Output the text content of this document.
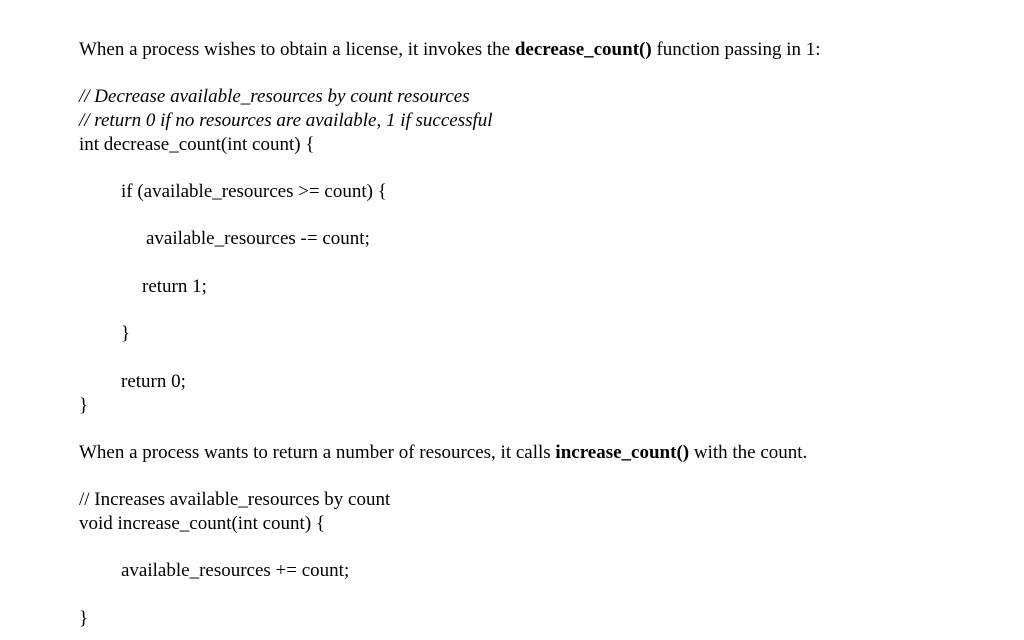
When a process wishes to obtain a license, it invokes the decrease_count() function passing in 1:
// Decrease available_resources by count resources
// return 0 if no resources are available, 1 if successful
int decrease_count(int count) {
if (available_resources >= count) {
available_resources -= count;
return 1;
}
return 0;
}
When a process wants to return a number of resources, it calls increase_count() with the count.
// Increases available_resources by count
void increase_count(int count) {
available_resources += count;
}
